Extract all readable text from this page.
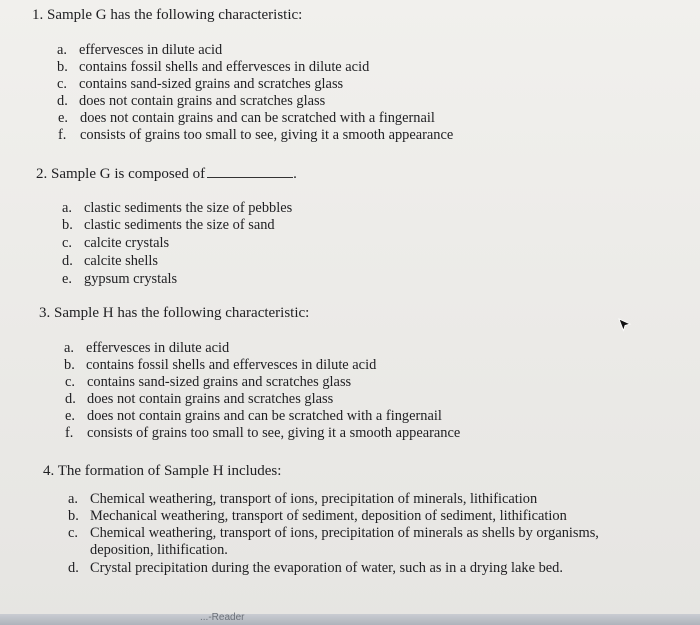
1. Sample G has the following characteristic:
a. effervesces in dilute acid
b. contains fossil shells and effervesces in dilute acid
c. contains sand-sized grains and scratches glass
d. does not contain grains and scratches glass
e. does not contain grains and can be scratched with a fingernail
f. consists of grains too small to see, giving it a smooth appearance
2. Sample G is composed of	.
a. clastic sediments the size of pebbles
b. clastic sediments the size of sand
c. calcite crystals
d. calcite shells
e. gypsum crystals
3. Sample H has the following characteristic:
a. effervesces in dilute acid
b. contains fossil shells and effervesces in dilute acid
c. contains sand-sized grains and scratches glass
d. does not contain grains and scratches glass
e. does not contain grains and can be scratched with a fingernail
f. consists of grains too small to see, giving it a smooth appearance
4. The formation of Sample H includes:
a. Chemical weathering, transport of ions, precipitation of minerals, lithification
b. Mechanical weathering, transport of sediment, deposition of sediment, lithification
c. Chemical weathering, transport of ions, precipitation of minerals as shells by organisms,
deposition, lithification.
d. Crystal precipitation during the evaporation of water, such as in a drying lake bed.
...-Reader
